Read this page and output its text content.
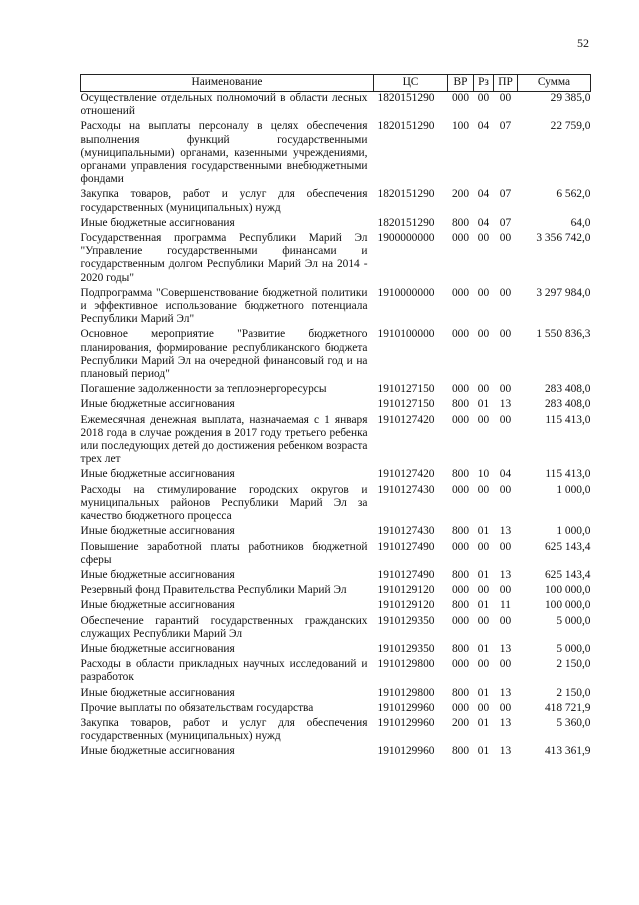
52
Наименование	ЦС	ВР	Рз	ПР	Сумма
Осуществление отдельных полномочий в области лесных отношений	1820151290	000	00	00	29 385,0
Расходы на выплаты персоналу в целях обеспечения выполнения функций государственными (муниципальными) органами, казенными учреждениями, органами управления государственными внебюджетными фондами	1820151290	100	04	07	22 759,0
Закупка товаров, работ и услуг для обеспечения государственных (муниципальных) нужд	1820151290	200	04	07	6 562,0
Иные бюджетные ассигнования	1820151290	800	04	07	64,0
Государственная программа Республики Марий Эл "Управление государственными финансами и государственным долгом Республики Марий Эл на 2014 - 2020 годы"	1900000000	000	00	00	3 356 742,0
Подпрограмма "Совершенствование бюджетной политики и эффективное использование бюджетного потенциала Республики Марий Эл"	1910000000	000	00	00	3 297 984,0
Основное мероприятие "Развитие бюджетного планирования, формирование республиканского бюджета Республики Марий Эл на очередной финансовый год и на плановый период"	1910100000	000	00	00	1 550 836,3
Погашение задолженности за теплоэнергоресурсы	1910127150	000	00	00	283 408,0
Иные бюджетные ассигнования	1910127150	800	01	13	283 408,0
Ежемесячная денежная выплата, назначаемая с 1 января 2018 года в случае рождения в 2017 году третьего ребенка или последующих детей до достижения ребенком возраста трех лет	1910127420	000	00	00	115 413,0
Иные бюджетные ассигнования	1910127420	800	10	04	115 413,0
Расходы на стимулирование городских округов и муниципальных районов Республики Марий Эл за качество бюджетного процесса	1910127430	000	00	00	1 000,0
Иные бюджетные ассигнования	1910127430	800	01	13	1 000,0
Повышение заработной платы работников бюджетной сферы	1910127490	000	00	00	625 143,4
Иные бюджетные ассигнования	1910127490	800	01	13	625 143,4
Резервный фонд Правительства Республики Марий Эл	1910129120	000	00	00	100 000,0
Иные бюджетные ассигнования	1910129120	800	01	11	100 000,0
Обеспечение гарантий государственных гражданских служащих Республики Марий Эл	1910129350	000	00	00	5 000,0
Иные бюджетные ассигнования	1910129350	800	01	13	5 000,0
Расходы в области прикладных научных исследований и разработок	1910129800	000	00	00	2 150,0
Иные бюджетные ассигнования	1910129800	800	01	13	2 150,0
Прочие выплаты по обязательствам государства	1910129960	000	00	00	418 721,9
Закупка товаров, работ и услуг для обеспечения государственных (муниципальных) нужд	1910129960	200	01	13	5 360,0
Иные бюджетные ассигнования	1910129960	800	01	13	413 361,9
